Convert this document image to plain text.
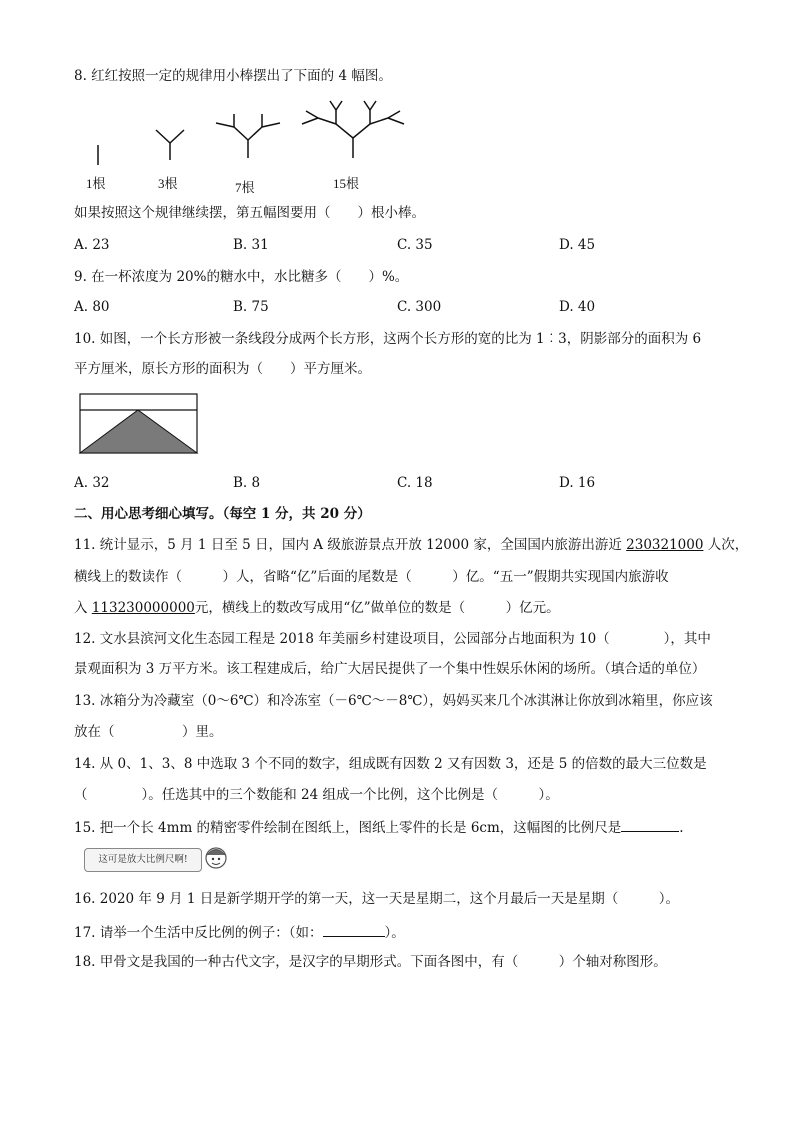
8. 红红按照一定的规律用小棒摆出了下面的 4 幅图。
1根	3根	7根	15根
如果按照这个规律继续摆，第五幅图要用（　　）根小棒。
A. 23	B. 31	C. 35	D. 45
9. 在一杯浓度为 20%的糖水中，水比糖多（　　）%。
A. 80	B. 75	C. 300	D. 40
10. 如图，一个长方形被一条线段分成两个长方形，这两个长方形的宽的比为 1︰3，阴影部分的面积为 6
平方厘米，原长方形的面积为（　　）平方厘米。
A. 32	B. 8	C. 18	D. 16
二、用心思考细心填写。（每空 1 分，共 20 分）
11. 统计显示，5 月 1 日至 5 日，国内 A 级旅游景点开放 12000 家，全国国内旅游出游近 230321000 人次，
横线上的数读作（　　　）人，省略“亿”后面的尾数是（　　　）亿。“五一”假期共实现国内旅游收
入 113230000000元，横线上的数改写成用“亿”做单位的数是（　　　）亿元。
12. 文水县滨河文化生态园工程是 2018 年美丽乡村建设项目，公园部分占地面积为 10（　　　　），其中
景观面积为 3 万平方米。该工程建成后，给广大居民提供了一个集中性娱乐休闲的场所。（填合适的单位）
13. 冰箱分为冷藏室（0～6℃）和冷冻室（－6℃～－8℃），妈妈买来几个冰淇淋让你放到冰箱里，你应该
放在（　　　　　）里。
14. 从 0、1、3、8 中选取 3 个不同的数字，组成既有因数 2 又有因数 3，还是 5 的倍数的最大三位数是
（　　　　）。任选其中的三个数能和 24 组成一个比例，这个比例是（　　　）。
15. 把一个长 4mm 的精密零件绘制在图纸上，图纸上零件的长是 6cm，这幅图的比例尺是	.
这可是放大比例尺啊!
16. 2020 年 9 月 1 日是新学期开学的第一天，这一天是星期二，这个月最后一天是星期（　　　）。
17. 请举一个生活中反比例的例子：（如：	）。
18. 甲骨文是我国的一种古代文字，是汉字的早期形式。下面各图中，有（　　　）个轴对称图形。
